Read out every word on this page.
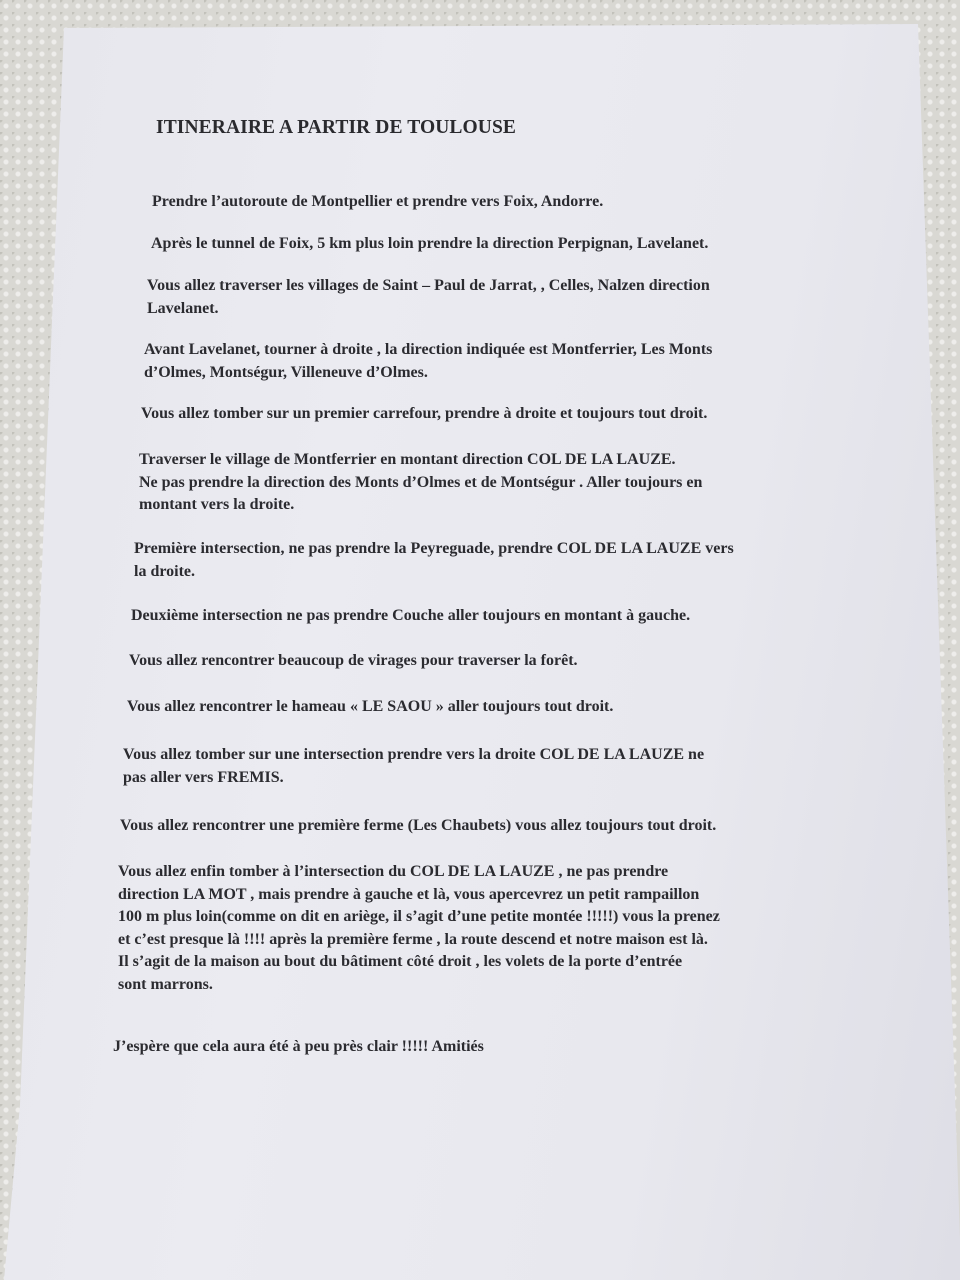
ITINERAIRE A PARTIR DE TOULOUSE

Prendre l’autoroute de Montpellier et prendre vers Foix, Andorre.

Après le tunnel de Foix, 5 km plus loin prendre la direction Perpignan, Lavelanet.

Vous allez traverser les villages de Saint – Paul de Jarrat, , Celles, Nalzen direction
Lavelanet.

Avant Lavelanet, tourner à droite , la direction indiquée est Montferrier, Les Monts
d’Olmes, Montségur, Villeneuve d’Olmes.

Vous allez tomber sur un premier carrefour, prendre à droite et toujours tout droit.

Traverser le village de Montferrier en montant direction COL DE LA LAUZE.
Ne pas prendre la direction des Monts d’Olmes et de Montségur . Aller toujours en
montant vers la droite.

Première intersection, ne pas prendre la Peyreguade, prendre COL DE LA LAUZE vers
la droite.

Deuxième intersection ne pas prendre Couche aller toujours en montant à gauche.

Vous allez rencontrer beaucoup de virages pour traverser la forêt.

Vous allez rencontrer le hameau « LE SAOU » aller toujours tout droit.

Vous allez tomber sur une intersection prendre vers la droite COL DE LA LAUZE ne
pas aller vers FREMIS.

Vous allez rencontrer une première ferme (Les Chaubets) vous allez toujours tout droit.

Vous allez enfin tomber à l’intersection du COL DE LA LAUZE , ne pas prendre
direction LA MOT , mais prendre à gauche et là, vous apercevrez un petit rampaillon
100 m plus loin(comme on dit en ariège, il s’agit d’une petite montée !!!!!) vous la prenez
et c’est presque là !!!! après la première ferme , la route descend et notre maison est là.
Il s’agit de la maison au bout du bâtiment côté droit , les volets de la porte d’entrée
sont marrons.

J’espère que cela aura été à peu près clair !!!!! Amitiés
